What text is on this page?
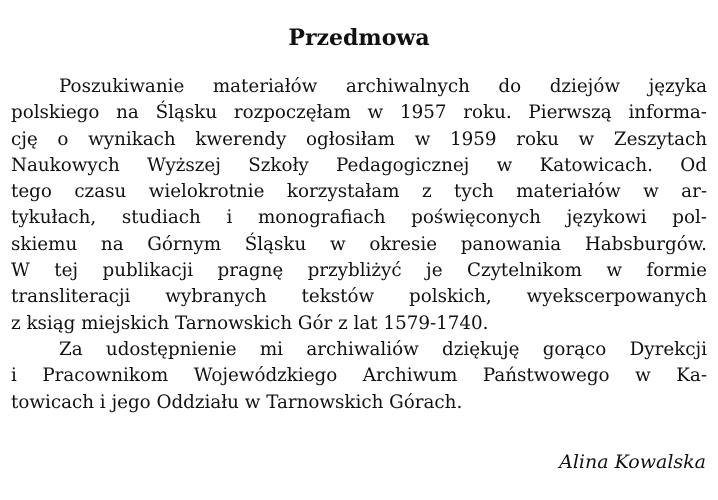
Przedmowa
Poszukiwanie materiałów archiwalnych do dziejów języka
polskiego na Śląsku rozpoczęłam w 1957 roku. Pierwszą informa-
cję o wynikach kwerendy ogłosiłam w 1959 roku w Zeszytach
Naukowych Wyższej Szkoły Pedagogicznej w Katowicach. Od
tego czasu wielokrotnie korzystałam z tych materiałów w ar-
tykułach, studiach i monografiach poświęconych językowi pol-
skiemu na Górnym Śląsku w okresie panowania Habsburgów.
W tej publikacji pragnę przybliżyć je Czytelnikom w formie
transliteracji wybranych tekstów polskich, wyekscerpowanych
z ksiąg miejskich Tarnowskich Gór z lat 1579-1740.
Za udostępnienie mi archiwaliów dziękuję gorąco Dyrekcji
i Pracownikom Wojewódzkiego Archiwum Państwowego w Ka-
towicach i jego Oddziału w Tarnowskich Górach.
Alina Kowalska
